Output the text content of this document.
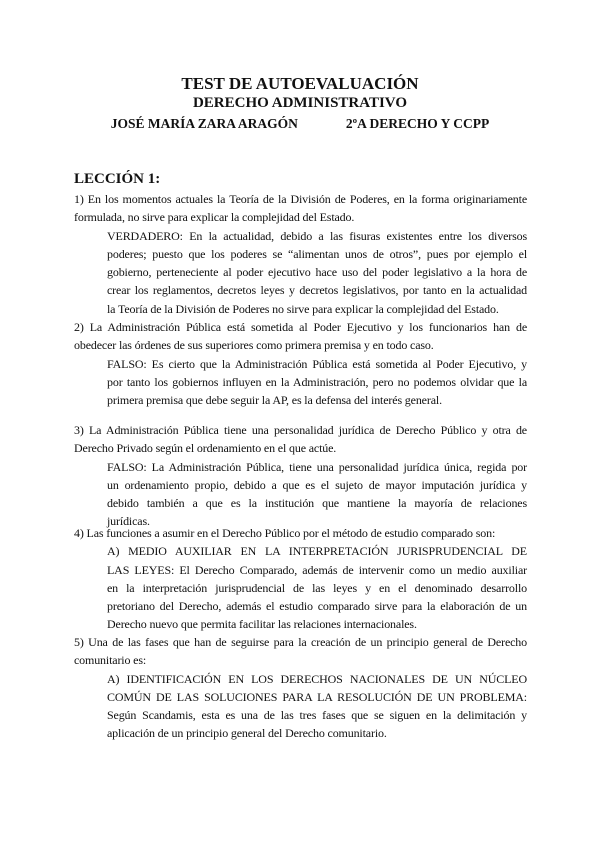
TEST DE AUTOEVALUACIÓN
DERECHO ADMINISTRATIVO
JOSÉ MARÍA ZARA ARAGÓN	2ºA DERECHO Y CCPP
LECCIÓN 1:
1) En los momentos actuales la Teoría de la División de Poderes, en la forma originariamente
formulada, no sirve para explicar la complejidad del Estado.
VERDADERO: En la actualidad, debido a las fisuras existentes entre los diversos
poderes; puesto que los poderes se “alimentan unos de otros”, pues por ejemplo el
gobierno, perteneciente al poder ejecutivo hace uso del poder legislativo a la hora de
crear los reglamentos, decretos leyes y decretos legislativos, por tanto en la actualidad
la Teoría de la División de Poderes no sirve para explicar la complejidad del Estado.
2) La Administración Pública está sometida al Poder Ejecutivo y los funcionarios han de
obedecer las órdenes de sus superiores como primera premisa y en todo caso.
FALSO: Es cierto que la Administración Pública está sometida al Poder Ejecutivo, y
por tanto los gobiernos influyen en la Administración, pero no podemos olvidar que la
primera premisa que debe seguir la AP, es la defensa del interés general.
3) La Administración Pública tiene una personalidad jurídica de Derecho Público y otra de
Derecho Privado según el ordenamiento en el que actúe.
FALSO: La Administración Pública, tiene una personalidad jurídica única, regida por
un ordenamiento propio, debido a que es el sujeto de mayor imputación jurídica y
debido también a que es la institución que mantiene la mayoría de relaciones
jurídicas.
4) Las funciones a asumir en el Derecho Público por el método de estudio comparado son:
A) MEDIO AUXILIAR EN LA INTERPRETACIÓN JURISPRUDENCIAL DE
LAS LEYES: El Derecho Comparado, además de intervenir como un medio auxiliar
en la interpretación jurisprudencial de las leyes y en el denominado desarrollo
pretoriano del Derecho, además el estudio comparado sirve para la elaboración de un
Derecho nuevo que permita facilitar las relaciones internacionales.
5) Una de las fases que han de seguirse para la creación de un principio general de Derecho
comunitario es:
A) IDENTIFICACIÓN EN LOS DERECHOS NACIONALES DE UN NÚCLEO
COMÚN DE LAS SOLUCIONES PARA LA RESOLUCIÓN DE UN PROBLEMA:
Según Scandamis, esta es una de las tres fases que se siguen en la delimitación y
aplicación de un principio general del Derecho comunitario.
